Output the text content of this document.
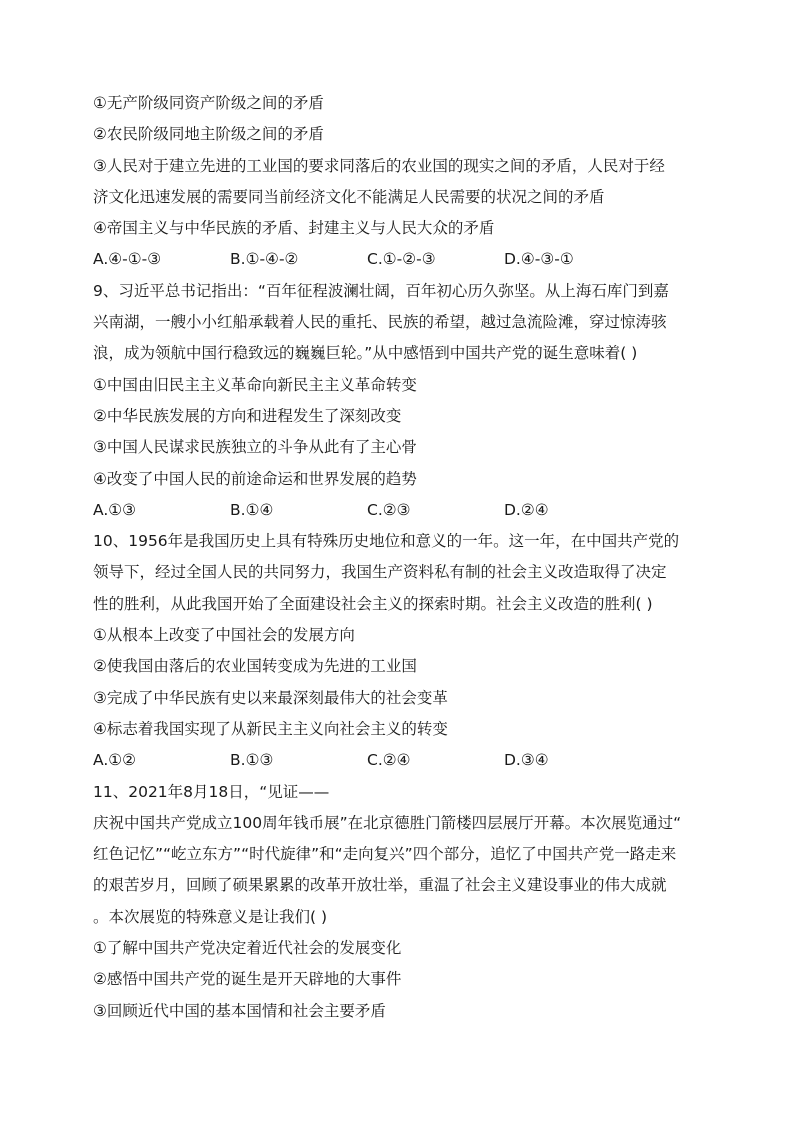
①无产阶级同资产阶级之间的矛盾
②农民阶级同地主阶级之间的矛盾
③人民对于建立先进的工业国的要求同落后的农业国的现实之间的矛盾，人民对于经
济文化迅速发展的需要同当前经济文化不能满足人民需要的状况之间的矛盾
④帝国主义与中华民族的矛盾、封建主义与人民大众的矛盾
A.④-①-③	B.①-④-②	C.①-②-③	D.④-③-①
9、习近平总书记指出：“百年征程波澜壮阔，百年初心历久弥坚。从上海石库门到嘉
兴南湖，一艘小小红船承载着人民的重托、民族的希望，越过急流险滩，穿过惊涛骇
浪，成为领航中国行稳致远的巍巍巨轮。”从中感悟到中国共产党的诞生意味着( )
①中国由旧民主主义革命向新民主主义革命转变
②中华民族发展的方向和进程发生了深刻改变
③中国人民谋求民族独立的斗争从此有了主心骨
④改变了中国人民的前途命运和世界发展的趋势
A.①③	B.①④	C.②③	D.②④
10、1956年是我国历史上具有特殊历史地位和意义的一年。这一年，在中国共产党的
领导下，经过全国人民的共同努力，我国生产资料私有制的社会主义改造取得了决定
性的胜利，从此我国开始了全面建设社会主义的探索时期。社会主义改造的胜利( )
①从根本上改变了中国社会的发展方向
②使我国由落后的农业国转变成为先进的工业国
③完成了中华民族有史以来最深刻最伟大的社会变革
④标志着我国实现了从新民主主义向社会主义的转变
A.①②	B.①③	C.②④	D.③④
11、2021年8月18日，“见证——
庆祝中国共产党成立100周年钱币展”在北京德胜门箭楼四层展厅开幕。本次展览通过“
红色记忆”“屹立东方”“时代旋律”和“走向复兴”四个部分，追忆了中国共产党一路走来
的艰苦岁月，回顾了硕果累累的改革开放壮举，重温了社会主义建设事业的伟大成就
。本次展览的特殊意义是让我们( )
①了解中国共产党决定着近代社会的发展变化
②感悟中国共产党的诞生是开天辟地的大事件
③回顾近代中国的基本国情和社会主要矛盾
